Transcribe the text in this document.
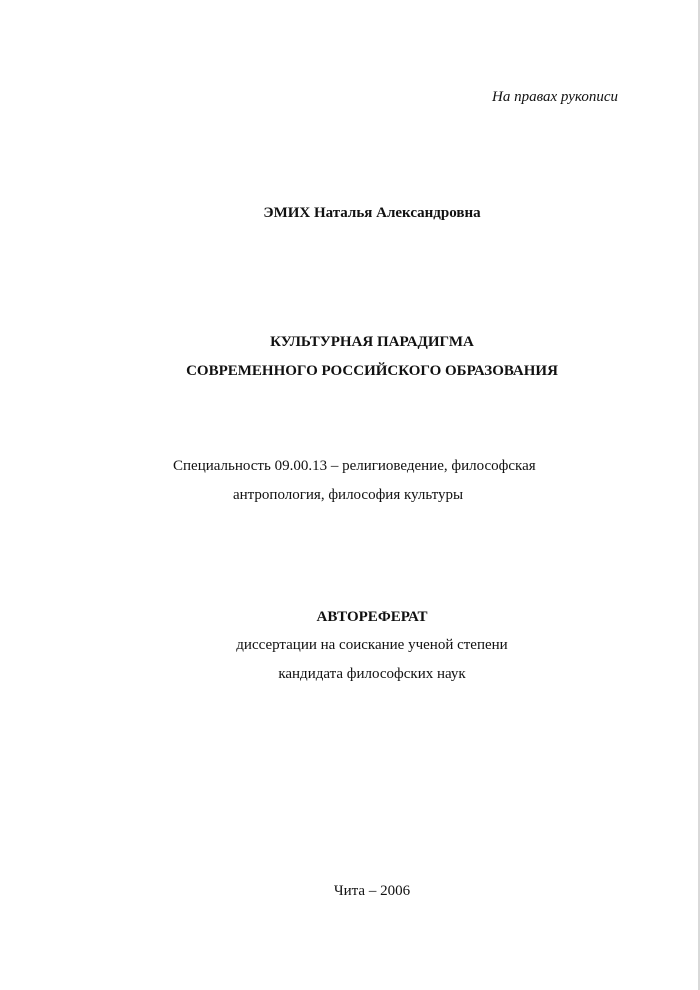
На правах рукописи
ЭМИХ Наталья Александровна
КУЛЬТУРНАЯ ПАРАДИГМА
СОВРЕМЕННОГО РОССИЙСКОГО ОБРАЗОВАНИЯ
Специальность 09.00.13 – религиоведение, философская
антропология, философия культуры
АВТОРЕФЕРАТ
диссертации на соискание ученой степени
кандидата философских наук
Чита – 2006
